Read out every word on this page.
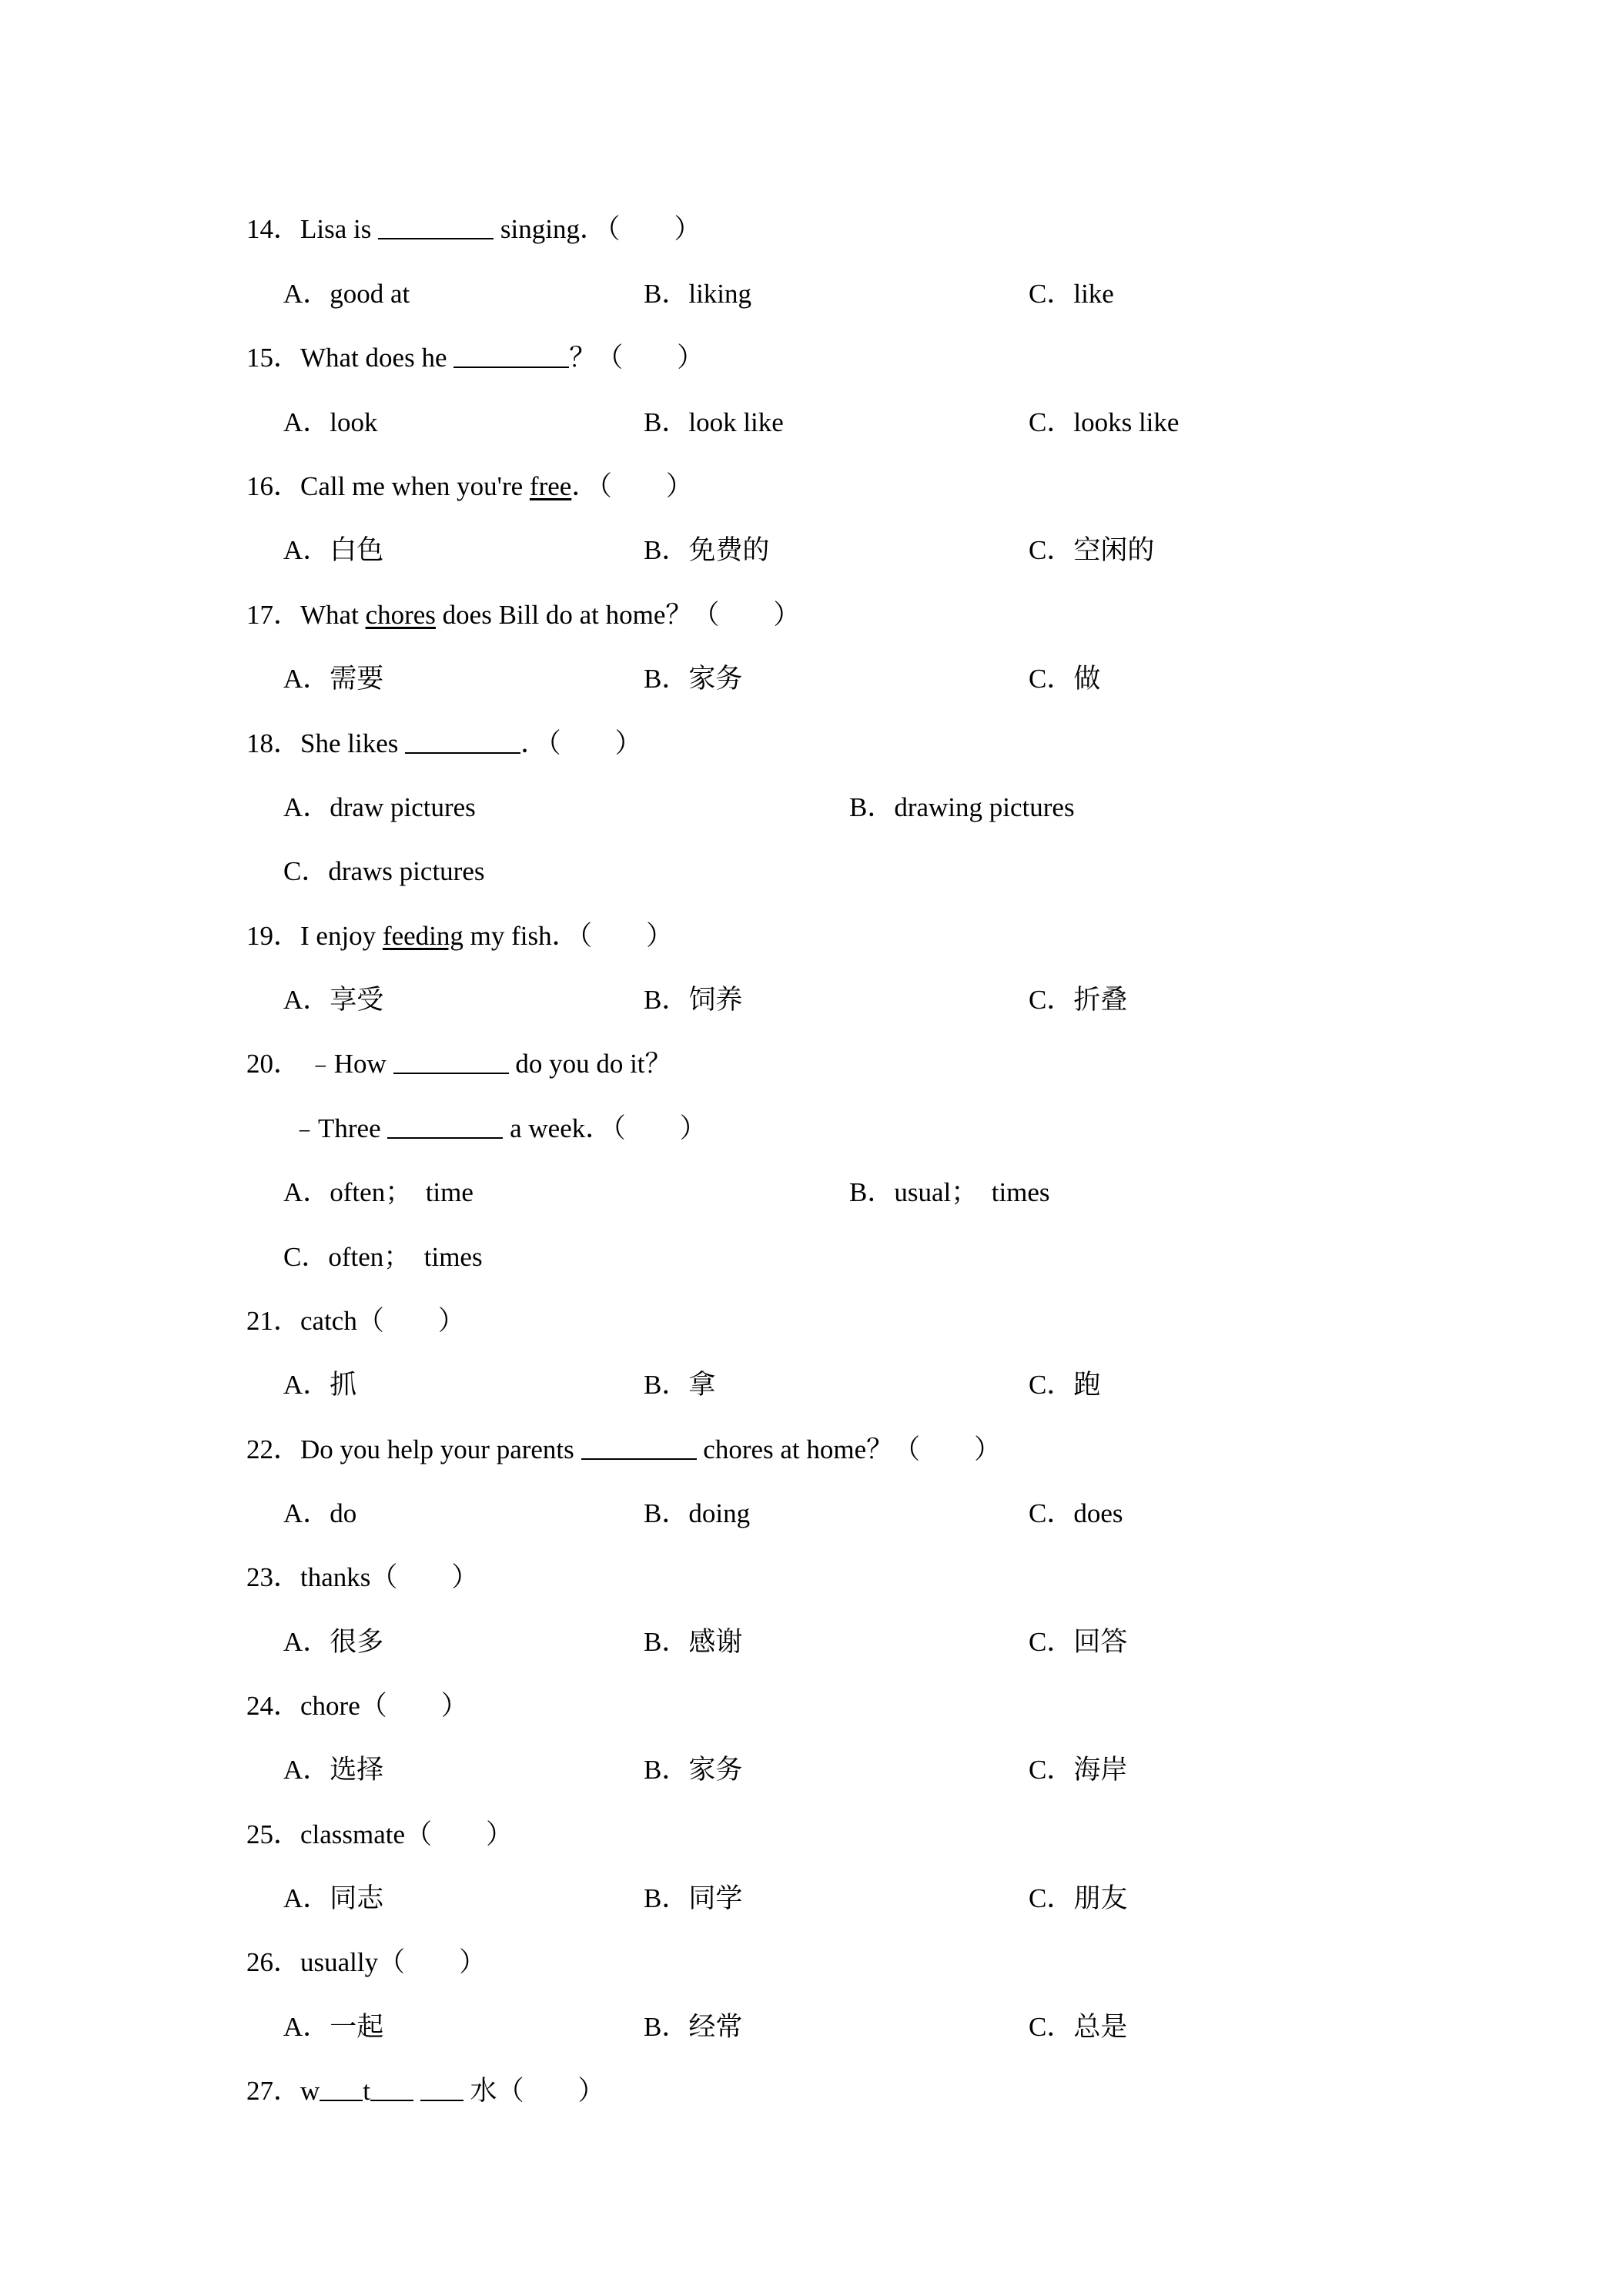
14．Lisa is	singing．（　　）
A．good at	B．liking	C．like
15．What does he	？（　　）
A．look	B．look like	C．looks like
16．Call me when you're free．（　　）
A．白色	B．免费的	C．空闲的
17．What chores does Bill do at home？（　　）
A．需要	B．家务	C．做
18．She likes	．（　　）
A．draw pictures	B．drawing pictures
C．draws pictures
19．I enjoy feeding my fish．（　　）
A．享受	B．饲养	C．折叠
20． ﹣How	do you do it？
﹣Three	a week．（　　）
A．often；　time	B．usual；　times
C．often；　times
21．catch（　　）
A．抓	B．拿	C．跑
22．Do you help your parents	chores at home？（　　）
A．do	B．doing	C．does
23．thanks（　　）
A．很多	B．感谢	C．回答
24．chore（　　）
A．选择	B．家务	C．海岸
25．classmate（　　）
A．同志	B．同学	C．朋友
26．usually（　　）
A．一起	B．经常	C．总是
27．w t	水（　　）
